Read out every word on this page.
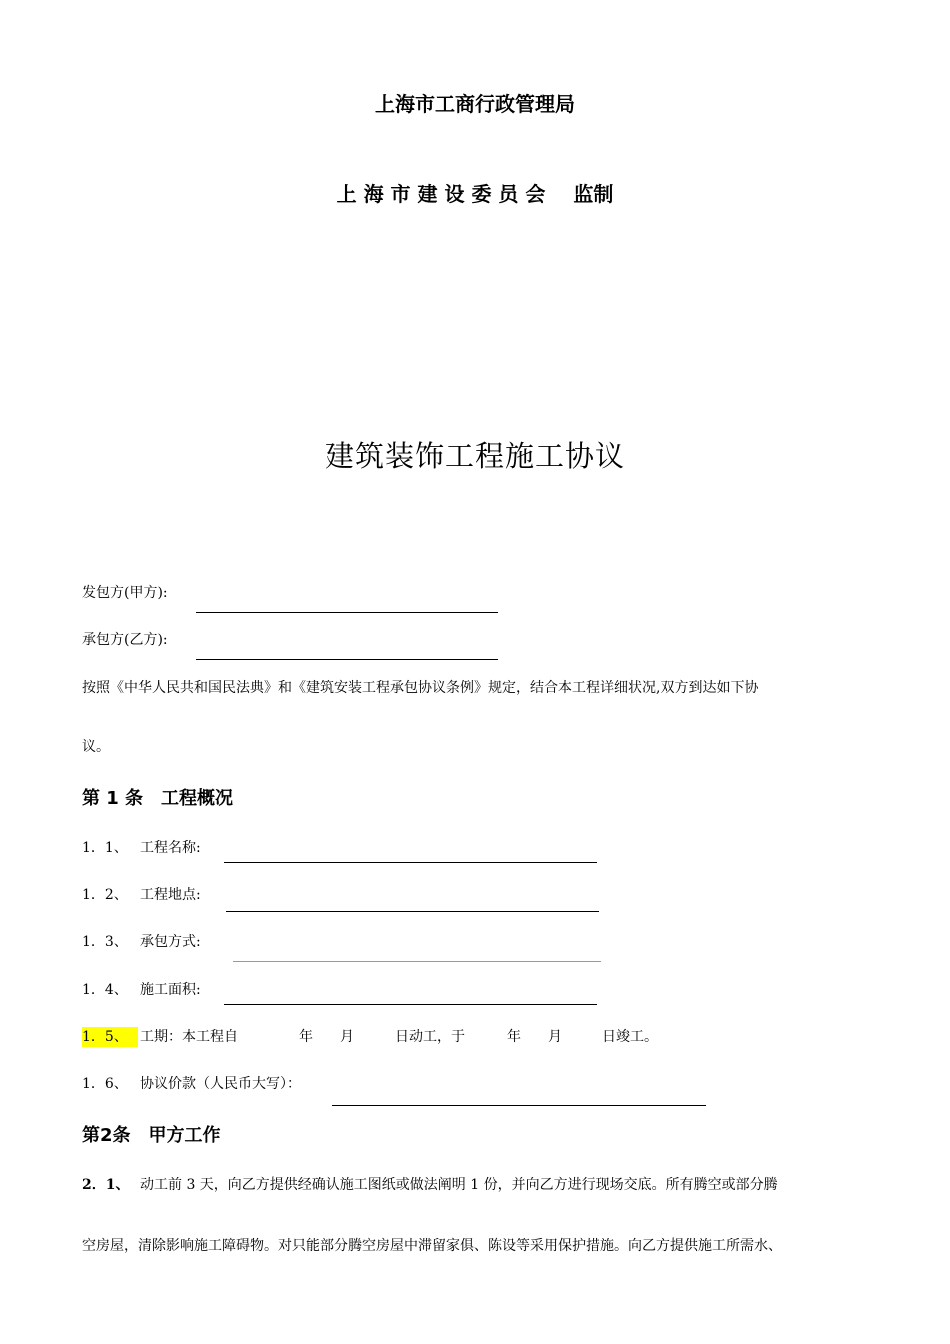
上海市工商行政管理局
上 海 市 建 设 委 员 会 监制
建筑装饰工程施工协议
发包方(甲方):
承包方(乙方):
按照《中华人民共和国民法典》和《建筑安装工程承包协议条例》规定，结合本工程详细状况,双方到达如下协
议。
第 1 条　工程概况
1．1、 工程名称:
1．2、 工程地点:
1．3、 承包方式:
1．4、 施工面积:
1．5、 工期：本工程自	年 月	日动工，于	年 月	日竣工。
1．6、 协议价款（人民币大写）：
第2条　甲方工作
2．1、 动工前 3 天，向乙方提供经确认施工图纸或做法阐明 1 份，并向乙方进行现场交底。所有腾空或部分腾
空房屋，清除影响施工障碍物。对只能部分腾空房屋中滞留家俱、陈设等采用保护措施。向乙方提供施工所需水、
